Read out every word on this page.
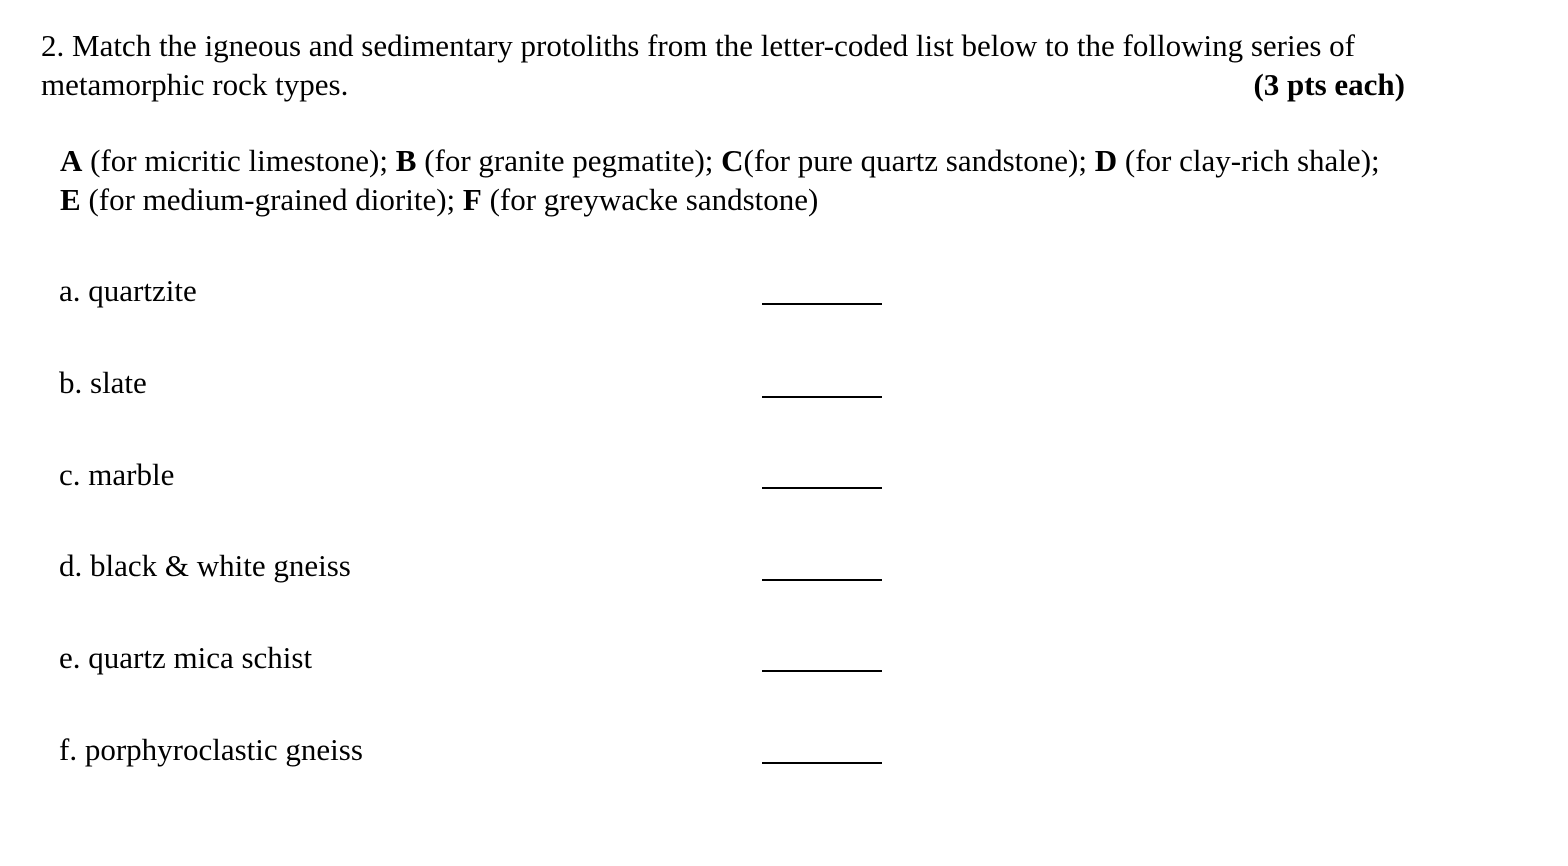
2. Match the igneous and sedimentary protoliths from the letter-coded list below to the following series of
metamorphic rock types.	(3 pts each)
A (for micritic limestone); B (for granite pegmatite); C(for pure quartz sandstone); D (for clay-rich shale);
E (for medium-grained diorite); F (for greywacke sandstone)
a. quartzite
b. slate
c. marble
d. black & white gneiss
e. quartz mica schist
f. porphyroclastic gneiss
